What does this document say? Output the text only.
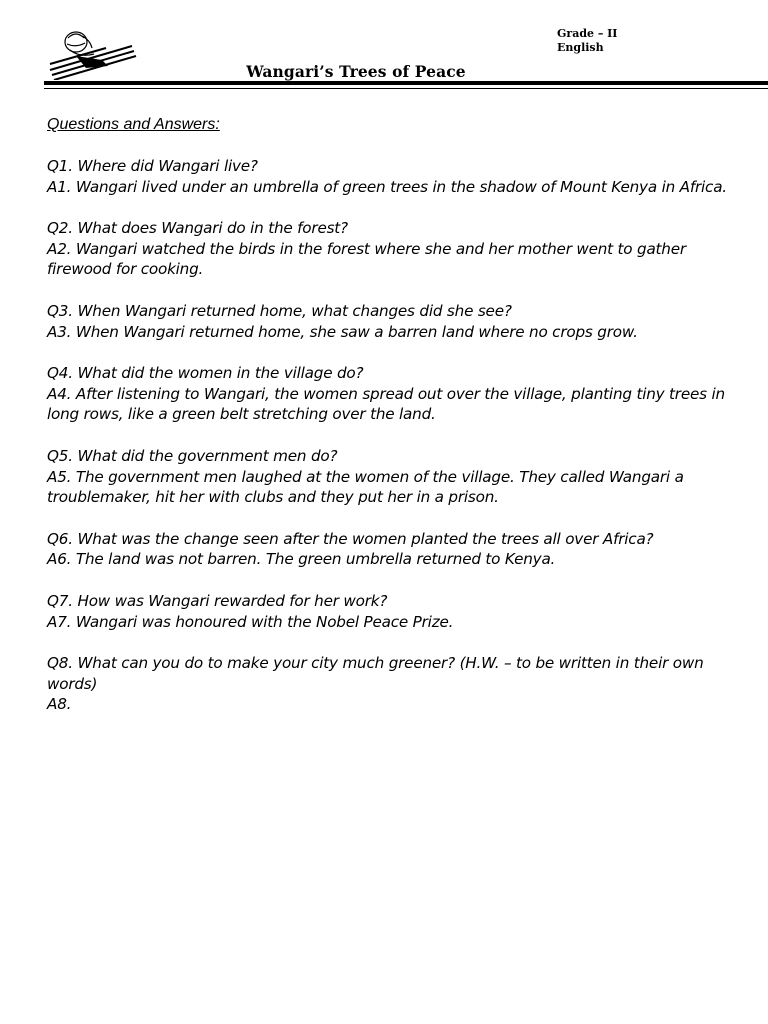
Grade – II
English
Wangari’s Trees of Peace
Questions and Answers:

Q1. Where did Wangari live?

A1. Wangari lived under an umbrella of green trees in the shadow of Mount Kenya in Africa.

Q2. What does Wangari do in the forest?

A2. Wangari watched the birds in the forest where she and her mother went to gather firewood for cooking.

Q3. When Wangari returned home, what changes did she see?

A3. When Wangari returned home, she saw a barren land where no crops grow.

Q4. What did the women in the village do?

A4. After listening to Wangari, the women spread out over the village, planting tiny trees in long rows, like a green belt stretching over the land.

Q5. What did the government men do?

A5. The government men laughed at the women of the village. They called Wangari a troublemaker, hit her with clubs and they put her in a prison.

Q6. What was the change seen after the women planted the trees all over Africa?

A6. The land was not barren. The green umbrella returned to Kenya.

Q7. How was Wangari rewarded for her work?

A7. Wangari was honoured with the Nobel Peace Prize.

Q8. What can you do to make your city much greener? (H.W. – to be written in their own words)

A8.
